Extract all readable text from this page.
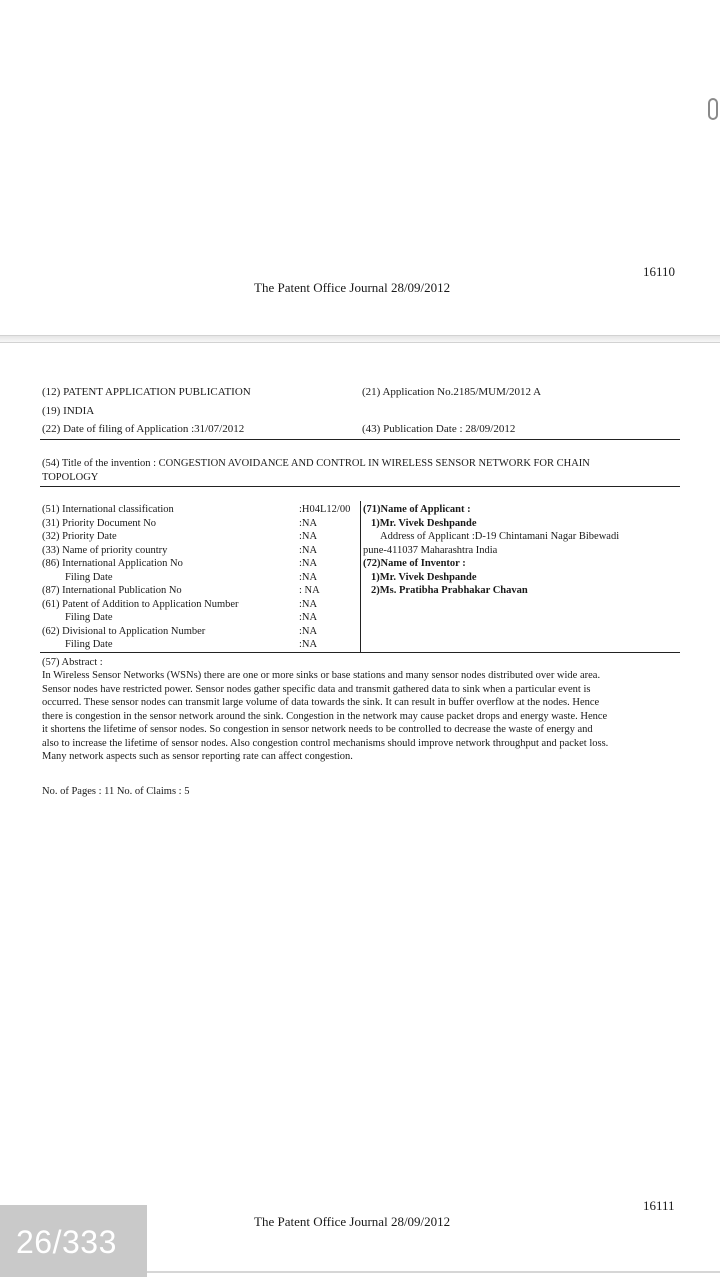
16110
The Patent Office Journal 28/09/2012
(12) PATENT APPLICATION PUBLICATION
(19) INDIA
(22) Date of filing of Application :31/07/2012
(21) Application No.2185/MUM/2012 A
(43) Publication Date : 28/09/2012
(54) Title of the invention : CONGESTION AVOIDANCE AND CONTROL IN WIRELESS SENSOR NETWORK FOR CHAIN
TOPOLOGY
(51) International classification
(31) Priority Document No
(32) Priority Date
(33) Name of priority country
(86) International Application No
Filing Date
(87) International Publication No
(61) Patent of Addition to Application Number
Filing Date
(62) Divisional to Application Number
Filing Date
:H04L12/00
:NA
:NA
:NA
:NA
:NA
: NA
:NA
:NA
:NA
:NA
(71)Name of Applicant :
1)Mr. Vivek Deshpande
Address of Applicant :D-19 Chintamani Nagar Bibewadi
pune-411037 Maharashtra India
(72)Name of Inventor :
1)Mr. Vivek Deshpande
2)Ms. Pratibha Prabhakar Chavan
(57) Abstract :
In Wireless Sensor Networks (WSNs) there are one or more sinks or base stations and many sensor nodes distributed over wide area.
Sensor nodes have restricted power. Sensor nodes gather specific data and transmit gathered data to sink when a particular event is
occurred. These sensor nodes can transmit large volume of data towards the sink. It can result in buffer overflow at the nodes. Hence
there is congestion in the sensor network around the sink. Congestion in the network may cause packet drops and energy waste. Hence
it shortens the lifetime of sensor nodes. So congestion in sensor network needs to be controlled to decrease the waste of energy and
also to increase the lifetime of sensor nodes. Also congestion control mechanisms should improve network throughput and packet loss.
Many network aspects such as sensor reporting rate can affect congestion.
No. of Pages : 11 No. of Claims : 5
16111
The Patent Office Journal 28/09/2012
26/333
